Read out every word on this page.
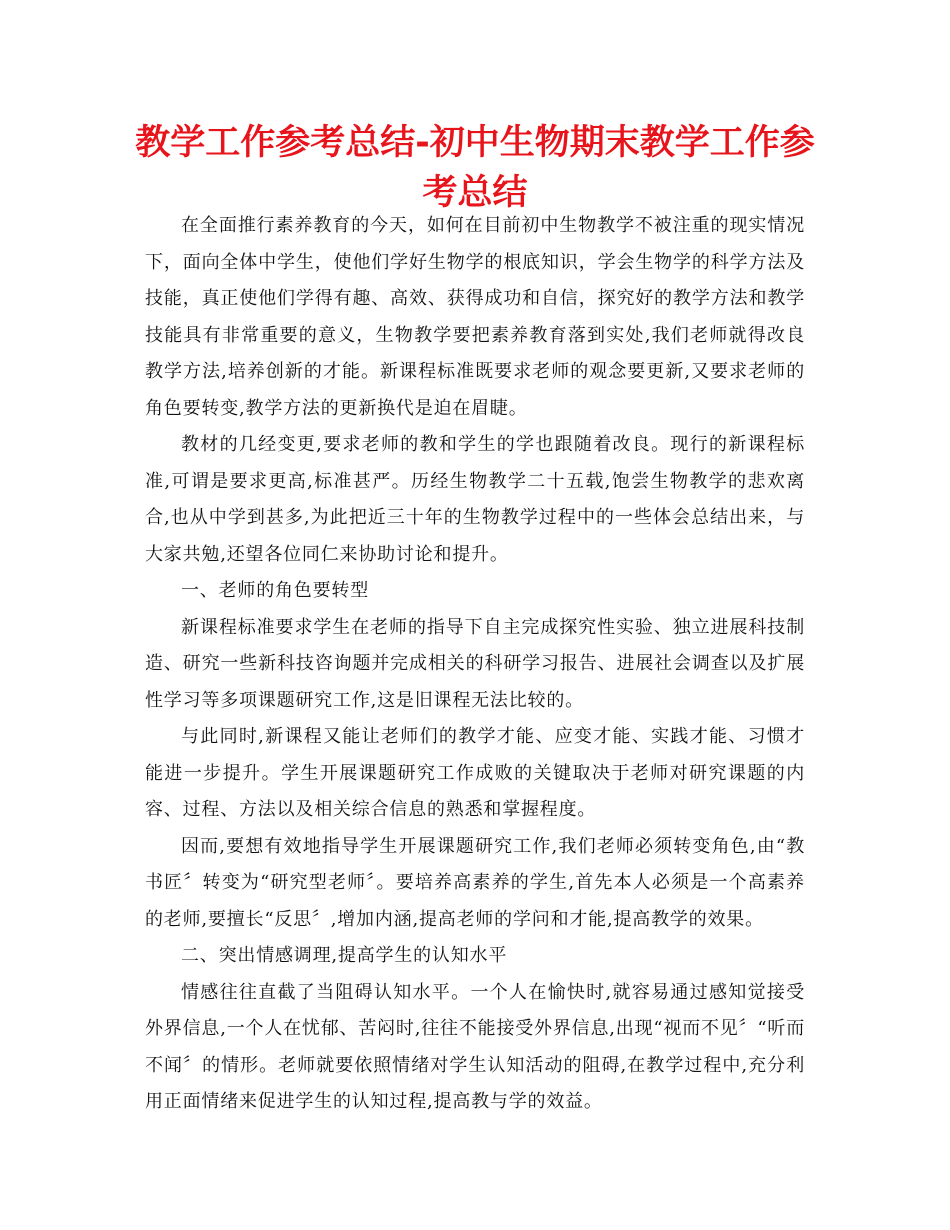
教学工作参考总结-初中生物期末教学工作参考总结

在全面推行素养教育的今天，如何在目前初中生物教学不被注重的现实情况下，面向全体中学生，使他们学好生物学的根底知识，学会生物学的科学方法及技能，真正使他们学得有趣、高效、获得成功和自信，探究好的教学方法和教学技能具有非常重要的意义，生物教学要把素养教育落到实处,我们老师就得改良教学方法,培养创新的才能。新课程标准既要求老师的观念要更新,又要求老师的角色要转变,教学方法的更新换代是迫在眉睫。

教材的几经变更,要求老师的教和学生的学也跟随着改良。现行的新课程标准,可谓是要求更高,标准甚严。历经生物教学二十五载,饱尝生物教学的悲欢离合,也从中学到甚多,为此把近三十年的生物教学过程中的一些体会总结出来，与大家共勉,还望各位同仁来协助讨论和提升。

一、老师的角色要转型

新课程标准要求学生在老师的指导下自主完成探究性实验、独立进展科技制造、研究一些新科技咨询题并完成相关的科研学习报告、进展社会调查以及扩展性学习等多项课题研究工作,这是旧课程无法比较的。

与此同时,新课程又能让老师们的教学才能、应变才能、实践才能、习惯才能进一步提升。学生开展课题研究工作成败的关键取决于老师对研究课题的内容、过程、方法以及相关综合信息的熟悉和掌握程度。

因而,要想有效地指导学生开展课题研究工作,我们老师必须转变角色,由“教书匠〞转变为“研究型老师〞。要培养高素养的学生,首先本人必须是一个高素养的老师,要擅长“反思〞,增加内涵,提高老师的学问和才能,提高教学的效果。

二、突出情感调理,提高学生的认知水平

情感往往直截了当阻碍认知水平。一个人在愉快时,就容易通过感知觉接受外界信息,一个人在忧郁、苦闷时,往往不能接受外界信息,出现“视而不见〞“听而不闻〞的情形。老师就要依照情绪对学生认知活动的阻碍,在教学过程中,充分利用正面情绪来促进学生的认知过程,提高教与学的效益。
